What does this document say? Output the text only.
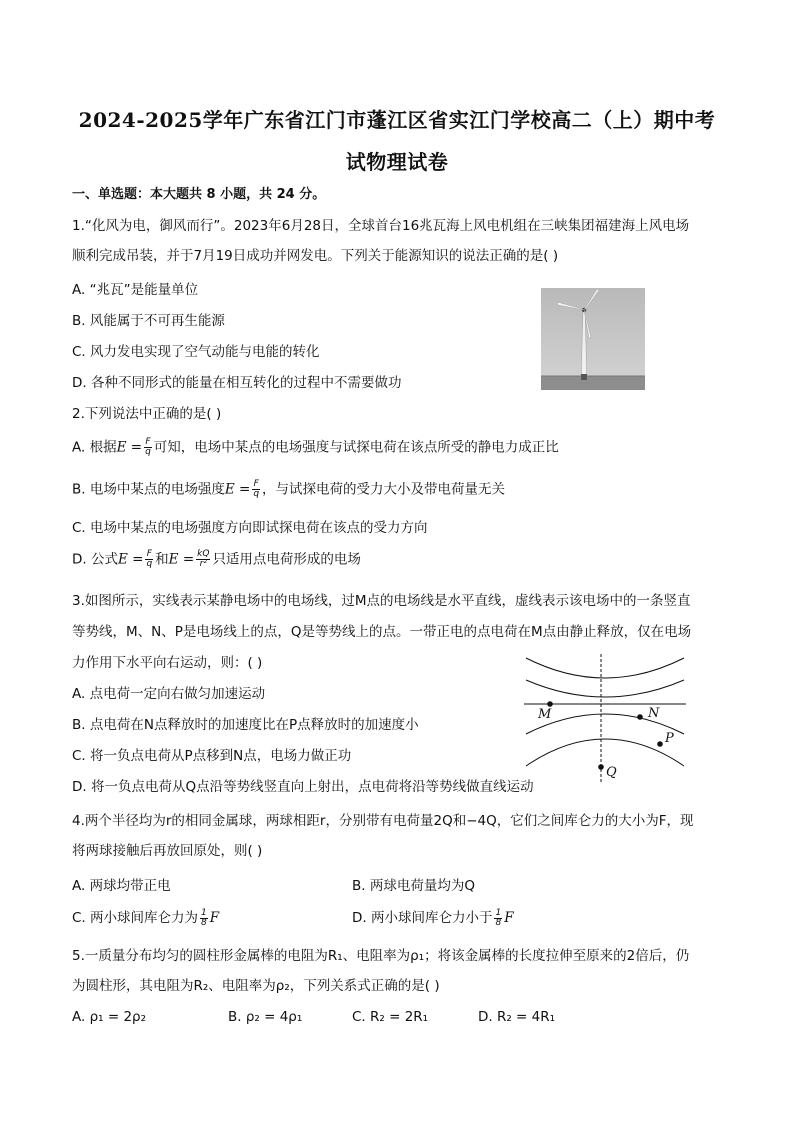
2024-2025学年广东省江门市蓬江区省实江门学校高二（上）期中考
试物理试卷
一、单选题：本大题共 8 小题，共 24 分。
1.“化风为电，御风而行”。2023年6月28日，全球首台16兆瓦海上风电机组在三峡集团福建海上风电场
顺利完成吊装，并于7月19日成功并网发电。下列关于能源知识的说法正确的是( )
A. “兆瓦”是能量单位
B. 风能属于不可再生能源
C. 风力发电实现了空气动能与电能的转化
D. 各种不同形式的能量在相互转化的过程中不需要做功
2.下列说法中正确的是( )
A. 根据$E = \frac{F}{q}$ 可知，电场中某点的电场强度与试探电荷在该点所受的静电力成正比
B. 电场中某点的电场强度$E = \frac{F}{q}$ ，与试探电荷的受力大小及带电荷量无关
C. 电场中某点的电场强度方向即试探电荷在该点的受力方向
D. 公式$E = \frac{F}{q}$ 和$E = \frac{kQ}{\text{r²}}$ 只适用点电荷形成的电场
3.如图所示，实线表示某静电场中的电场线，过M点的电场线是水平直线，虚线表示该电场中的一条竖直
等势线，M、N、P是电场线上的点，Q是等势线上的点。一带正电的点电荷在M点由静止释放，仅在电场
力作用下水平向右运动，则：( )
A. 点电荷一定向右做匀加速运动
B. 点电荷在N点释放时的加速度比在P点释放时的加速度小
C. 将一负点电荷从P点移到N点，电场力做正功
D. 将一负点电荷从Q点沿等势线竖直向上射出，点电荷将沿等势线做直线运动
M	N
P
Q
4.两个半径均为r的相同金属球，两球相距r，分别带有电荷量2Q和−4Q，它们之间库仑力的大小为F，现
将两球接触后再放回原处，则( )
A. 两球均带正电	B. 两球电荷量均为Q
C. 两小球间库仑力为 $\frac{1}{8}$ F	D. 两小球间库仑力小于 $\frac{1}{8}$ F
5.一质量分布均匀的圆柱形金属棒的电阻为R₁、电阻率为ρ₁；将该金属棒的长度拉伸至原来的2倍后，仍
为圆柱形，其电阻为R₂、电阻率为ρ₂，下列关系式正确的是( )
A. ρ₁ = 2ρ₂	B. ρ₂ = 4ρ₁	C. R₂ = 2R₁	D. R₂ = 4R₁
